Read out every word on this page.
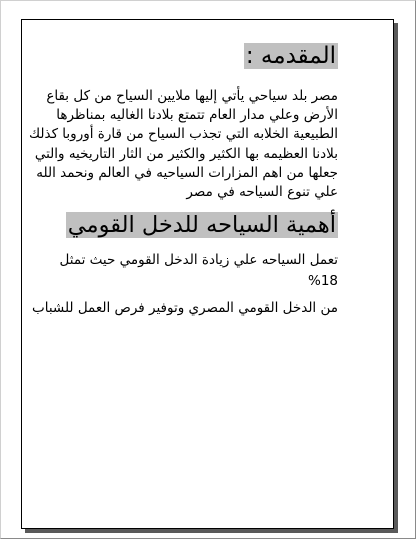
المقدمه :

مصر بلد سياحي يأتي إليها ملايين السياح من كل بقاع الأرض وعلي مدار العام تتمتع بلادنا الغاليه بمناظرها الطبيعية الخلابه التي تجذب السياح من قارة أوروبا كذلك بلادنا العظيمه بها الكثير والكثير من الثار التاريخيه والتي جعلها من اهم المزارات السياحيه في العالم ونحمد الله علي تنوع السياحه في مصر

أهمية السياحه للدخل القومي

تعمل السياحه علي زيادة الدخل القومي حيث تمثل 18%

من الدخل القومي المصري وتوفير فرص العمل للشباب
